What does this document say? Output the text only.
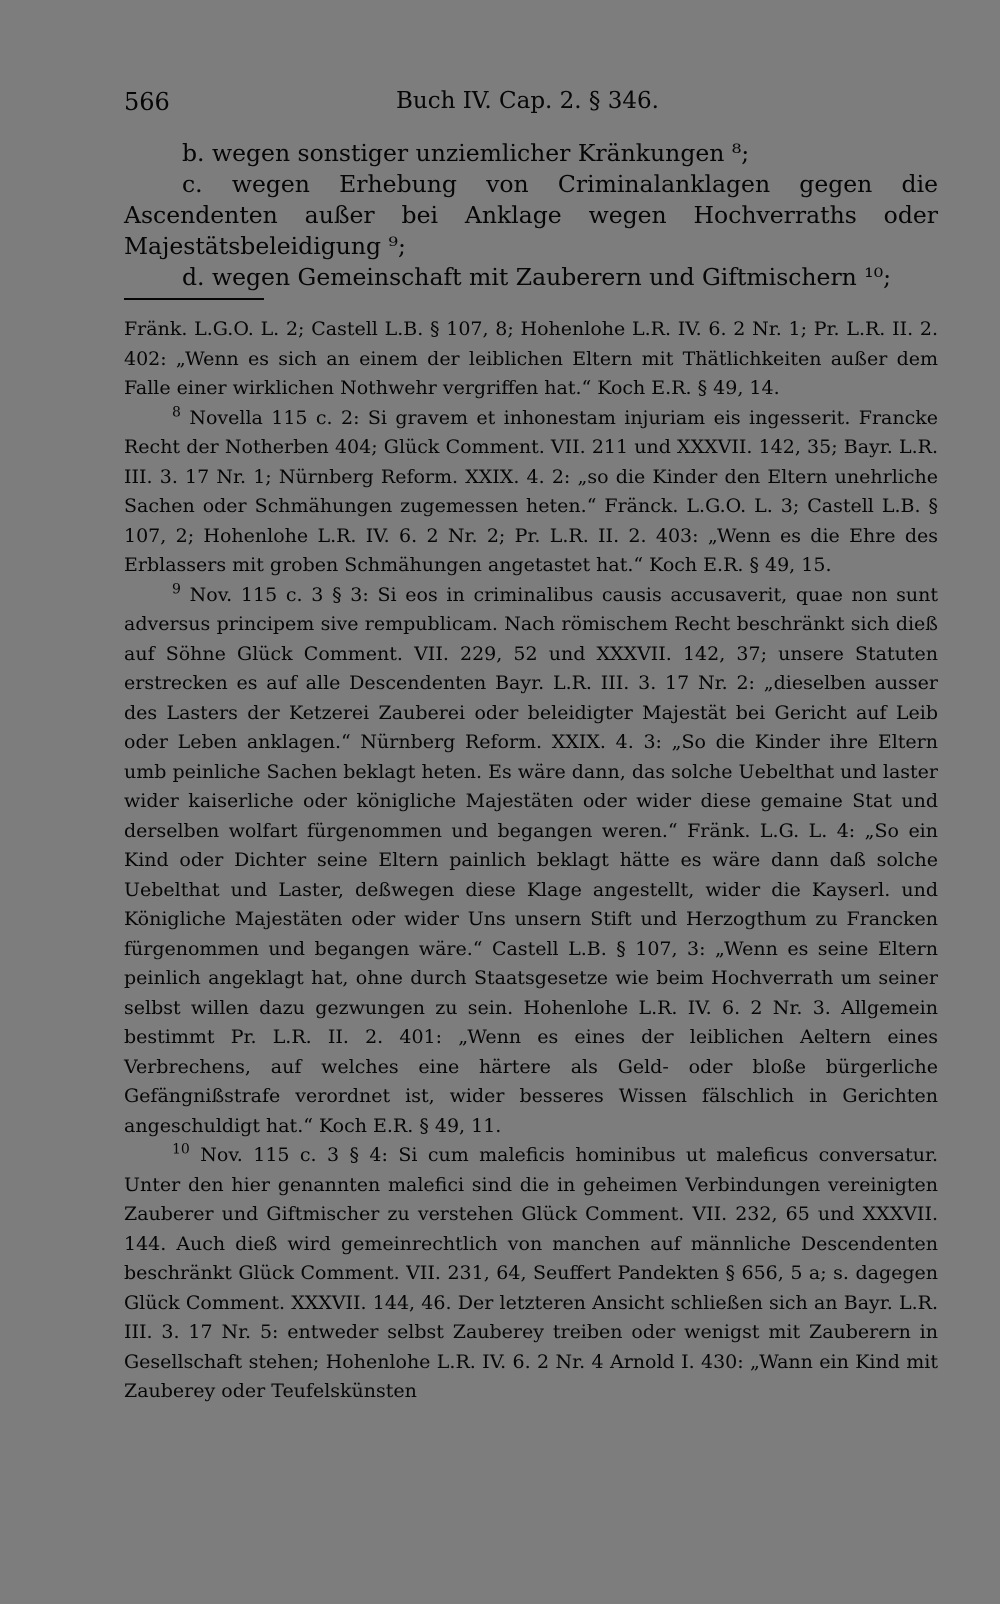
566	Buch IV. Cap. 2. § 346.

b. wegen sonstiger unziemlicher Kränkungen ⁸;

c. wegen Erhebung von Criminalanklagen gegen die Ascendenten außer bei Anklage wegen Hochverraths oder Majestätsbeleidigung ⁹;

d. wegen Gemeinschaft mit Zauberern und Giftmischern ¹⁰;

Fränk. L.G.O. L. 2; Castell L.B. § 107, 8; Hohenlohe L.R. IV. 6. 2 Nr. 1; Pr. L.R. II. 2. 402: „Wenn es sich an einem der leiblichen Eltern mit Thätlichkeiten außer dem Falle einer wirklichen Nothwehr vergriffen hat.“ Koch E.R. § 49, 14.

$^8$ Novella 115 c. 2: Si gravem et inhonestam injuriam eis ingesserit. Francke Recht der Notherben 404; Glück Comment. VII. 211 und XXXVII. 142, 35; Bayr. L.R. III. 3. 17 Nr. 1; Nürnberg Reform. XXIX. 4. 2: „so die Kinder den Eltern unehrliche Sachen oder Schmähungen zugemessen heten.“ Fränck. L.G.O. L. 3; Castell L.B. § 107, 2; Hohenlohe L.R. IV. 6. 2 Nr. 2; Pr. L.R. II. 2. 403: „Wenn es die Ehre des Erblassers mit groben Schmähungen angetastet hat.“ Koch E.R. § 49, 15.

$^9$ Nov. 115 c. 3 § 3: Si eos in criminalibus causis accusaverit, quae non sunt adversus principem sive rempublicam. Nach römischem Recht beschränkt sich dieß auf Söhne Glück Comment. VII. 229, 52 und XXXVII. 142, 37; unsere Statuten erstrecken es auf alle Descendenten Bayr. L.R. III. 3. 17 Nr. 2: „dieselben ausser des Lasters der Ketzerei Zauberei oder beleidigter Majestät bei Gericht auf Leib oder Leben anklagen.“ Nürnberg Reform. XXIX. 4. 3: „So die Kinder ihre Eltern umb peinliche Sachen beklagt heten. Es wäre dann, das solche Uebelthat und laster wider kaiserliche oder königliche Majestäten oder wider diese gemaine Stat und derselben wolfart fürgenommen und begangen weren.“ Fränk. L.G. L. 4: „So ein Kind oder Dichter seine Eltern painlich beklagt hätte es wäre dann daß solche Uebelthat und Laster, deßwegen diese Klage angestellt, wider die Kayserl. und Königliche Majestäten oder wider Uns unsern Stift und Herzogthum zu Francken fürgenommen und begangen wäre.“ Castell L.B. § 107, 3: „Wenn es seine Eltern peinlich angeklagt hat, ohne durch Staatsgesetze wie beim Hochverrath um seiner selbst willen dazu gezwungen zu sein. Hohenlohe L.R. IV. 6. 2 Nr. 3. Allgemein bestimmt Pr. L.R. II. 2. 401: „Wenn es eines der leiblichen Aeltern eines Verbrechens, auf welches eine härtere als Geld- oder bloße bürgerliche Gefängnißstrafe verordnet ist, wider besseres Wissen fälschlich in Gerichten angeschuldigt hat.“ Koch E.R. § 49, 11.

$^{10}$ Nov. 115 c. 3 § 4: Si cum maleficis hominibus ut maleficus conversatur. Unter den hier genannten malefici sind die in geheimen Verbindungen vereinigten Zauberer und Giftmischer zu verstehen Glück Comment. VII. 232, 65 und XXXVII. 144. Auch dieß wird gemeinrechtlich von manchen auf männliche Descendenten beschränkt Glück Comment. VII. 231, 64, Seuffert Pandekten § 656, 5 a; s. dagegen Glück Comment. XXXVII. 144, 46. Der letzteren Ansicht schließen sich an Bayr. L.R. III. 3. 17 Nr. 5: entweder selbst Zauberey treiben oder wenigst mit Zauberern in Gesellschaft stehen; Hohenlohe L.R. IV. 6. 2 Nr. 4 Arnold I. 430: „Wann ein Kind mit Zauberey oder Teufelskünsten
